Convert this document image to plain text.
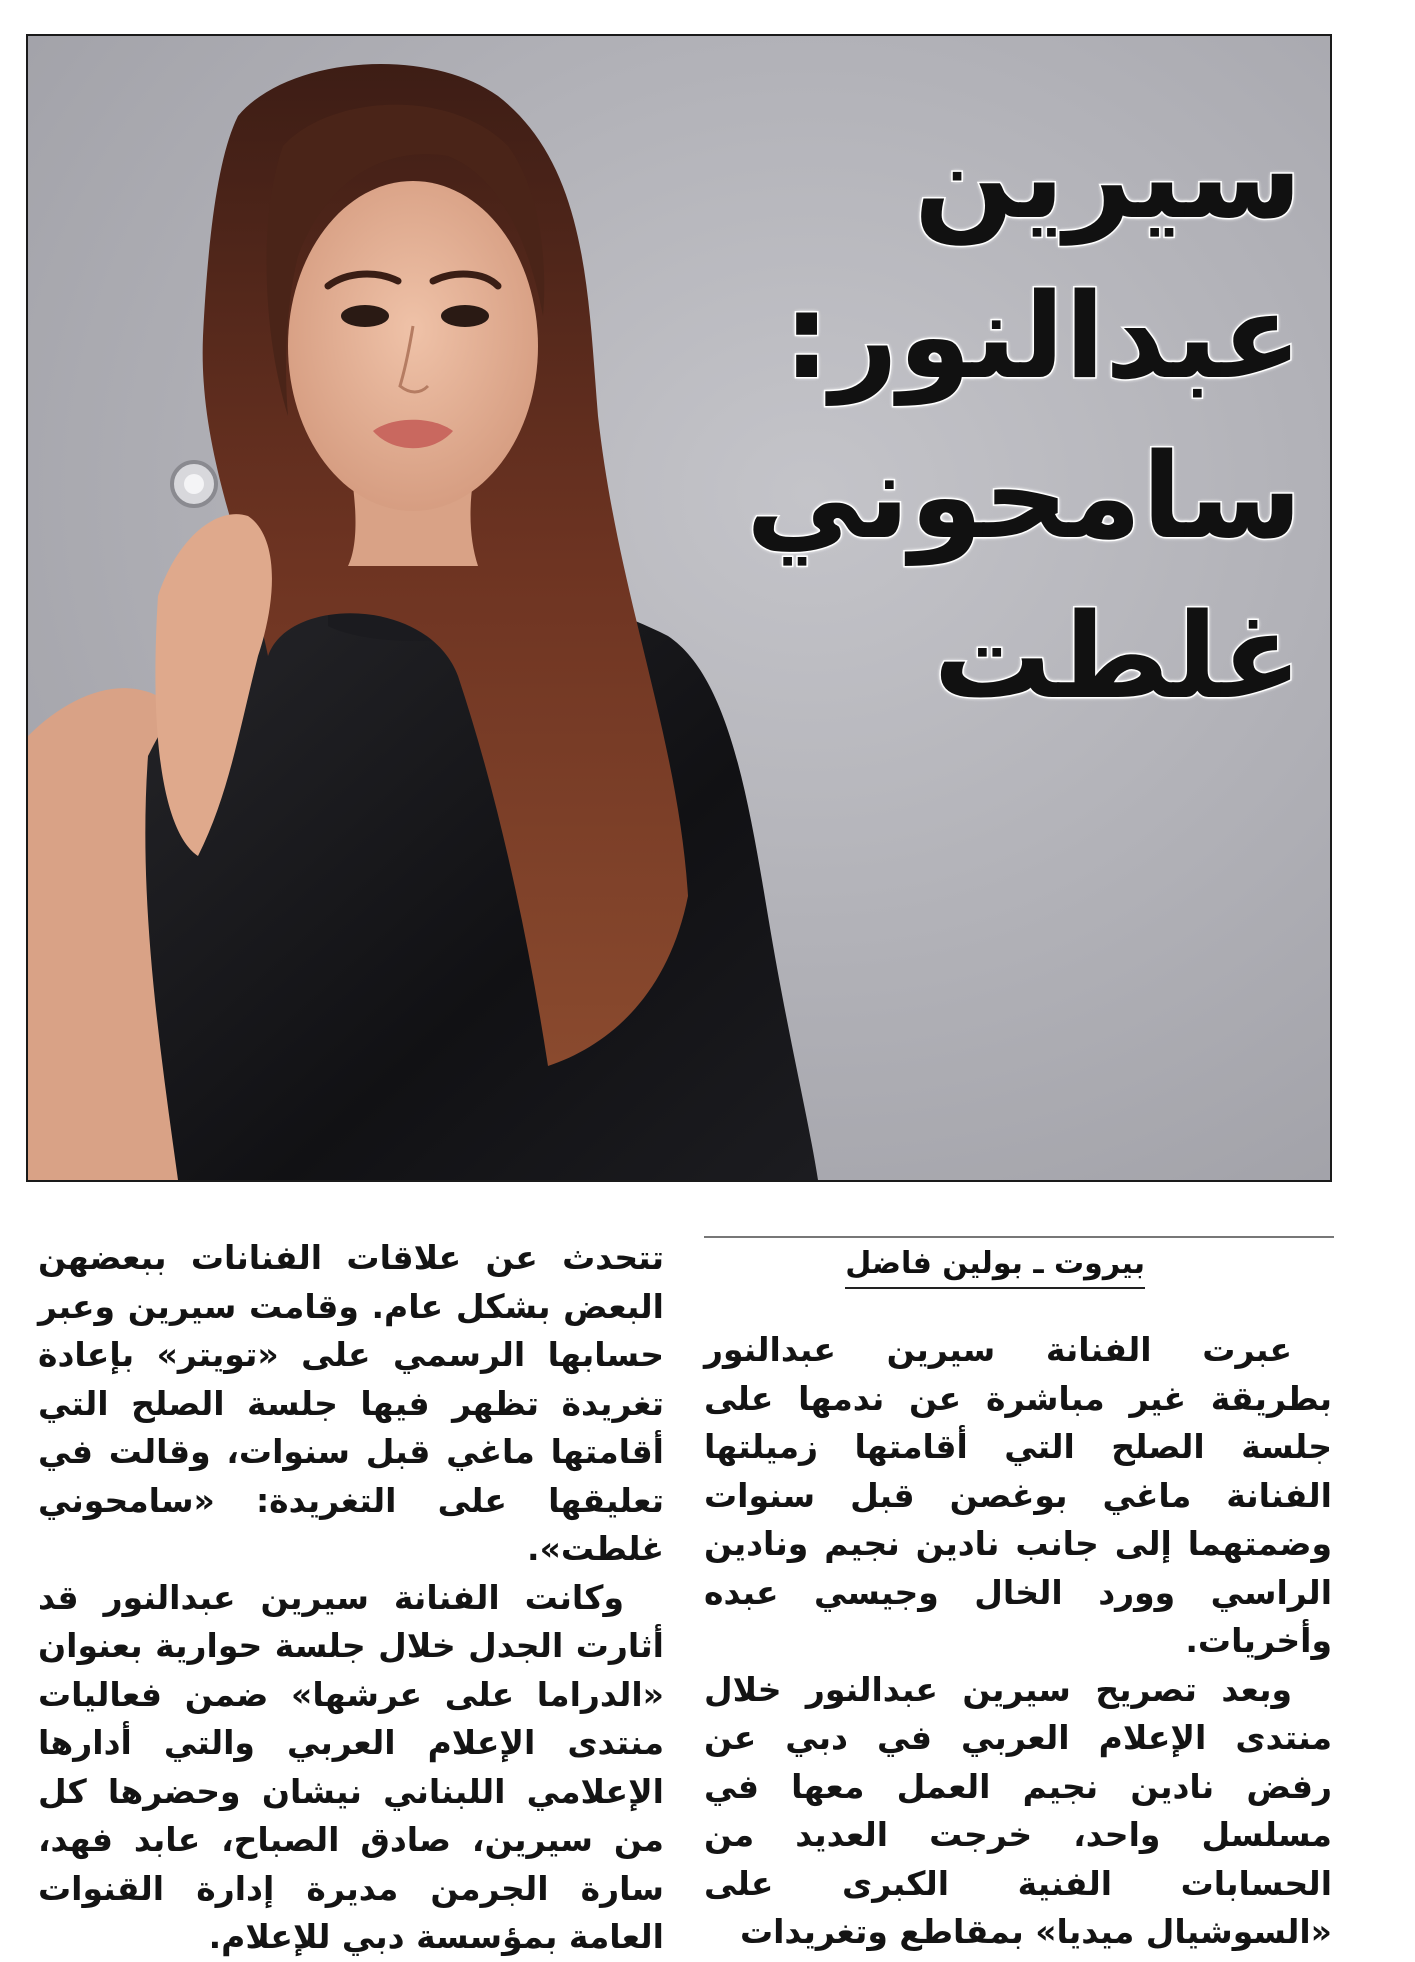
سيرين عبدالنور:
سامحوني غلطت
بيروت ـ بولين فاضل

عبرت الفنانة سيرين عبدالنور بطريقة غير مباشرة عن ندمها على جلسة الصلح التي أقامتها زميلتها الفنانة ماغي بوغصن قبل سنوات وضمتهما إلى جانب نادين نجيم ونادين الراسي وورد الخال وجيسي عبده وأخريات.

وبعد تصريح سيرين عبدالنور خلال منتدى الإعلام العربي في دبي عن رفض نادين نجيم العمل معها في مسلسل واحد، خرجت العديد من الحسابات الفنية الكبرى على «السوشيال ميديا» بمقاطع وتغريدات

تتحدث عن علاقات الفنانات ببعضهن البعض بشكل عام. وقامت سيرين وعبر حسابها الرسمي على «تويتر» بإعادة تغريدة تظهر فيها جلسة الصلح التي أقامتها ماغي قبل سنوات، وقالت في تعليقها على التغريدة: «سامحوني غلطت».

وكانت الفنانة سيرين عبدالنور قد أثارت الجدل خلال جلسة حوارية بعنوان «الدراما على عرشها» ضمن فعاليات منتدى الإعلام العربي والتي أدارها الإعلامي اللبناني نيشان وحضرها كل من سيرين، صادق الصباح، عابد فهد، سارة الجرمن مديرة إدارة القنوات العامة بمؤسسة دبي للإعلام.
